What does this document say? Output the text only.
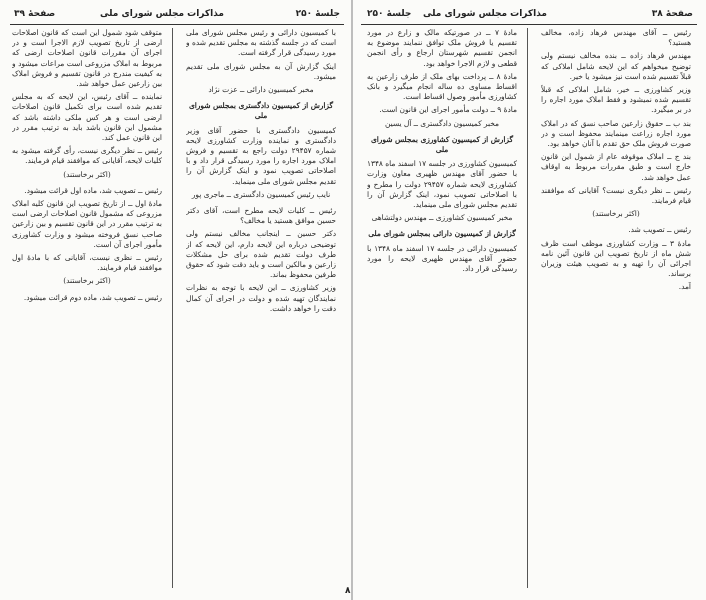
جلسهٔ ۲۵۰
مذاکرات مجلس شورای ملی
صفحهٔ ۳۹

متوقف شود شمول این است که قانون اصلاحات ارضی از تاریخ تصویب لازم الاجرا است و در اجرای آن مقررات قانون اصلاحات ارضی که مربوط به املاک مزروعی است مراعات میشود و به کیفیت مندرج در قانون تقسیم و فروش املاک بین زارعین عمل خواهد شد.

نماینده ــ آقای رئیس، این لایحه که به مجلس تقدیم شده است برای تکمیل قانون اصلاحات ارضی است و هر کس ملکی داشته باشد که مشمول این قانون باشد باید به ترتیب مقرر در این قانون عمل کند.

رئیس ــ نظر دیگری نیست، رأی گرفته میشود به کلیات لایحه، آقایانی که موافقند قیام فرمایند.

(اکثر برخاستند)

رئیس ــ تصویب شد، ماده اول قرائت میشود.

مادهٔ اول ــ از تاریخ تصویب این قانون کلیه املاک مزروعی که مشمول قانون اصلاحات ارضی است به ترتیب مقرر در این قانون تقسیم و بین زارعین صاحب نسق فروخته میشود و وزارت کشاورزی مأمور اجرای آن است.

رئیس ــ نظری نیست، آقایانی که با مادهٔ اول موافقند قیام فرمایند.

(اکثر برخاستند)

رئیس ــ تصویب شد، ماده دوم قرائت میشود.

با کمیسیون دارائی و رئیس مجلس شورای ملی است که در جلسه گذشته به مجلس تقدیم شده و مورد رسیدگی قرار گرفته است.

اینک گزارش آن به مجلس شورای ملی تقدیم میشود.

مخبر کمیسیون دارائی ــ عزت نژاد

گزارش از کمیسیون دادگستری بمجلس شورای ملی

کمیسیون دادگستری با حضور آقای وزیر دادگستری و نماینده وزارت کشاورزی لایحه شماره ۲۹۴۵۷ دولت راجع به تقسیم و فروش املاک مورد اجاره را مورد رسیدگی قرار داد و با اصلاحاتی تصویب نمود و اینک گزارش آن را تقدیم مجلس شورای ملی مینماید.

نایب رئیس کمیسیون دادگستری ــ ماجری پور

رئیس ــ کلیات لایحه مطرح است، آقای دکتر حسین موافق هستید یا مخالف؟

دکتر حسین ــ اینجانب مخالف نیستم ولی توضیحی درباره این لایحه دارم، این لایحه که از طرف دولت تقدیم شده برای حل مشکلات زارعین و مالکین است و باید دقت شود که حقوق طرفین محفوظ بماند.

وزیر کشاورزی ــ این لایحه با توجه به نظرات نمایندگان تهیه شده و دولت در اجرای آن کمال دقت را خواهد داشت.

صفحهٔ ۳۸
مذاکرات مجلس شورای ملی
جلسهٔ ۲۵۰

مادهٔ ۷ ــ در صورتیکه مالک و زارع در مورد تقسیم یا فروش ملک توافق ننمایند موضوع به انجمن تقسیم شهرستان ارجاع و رأی انجمن قطعی و لازم الاجرا خواهد بود.

مادهٔ ۸ ــ پرداخت بهای ملک از طرف زارعین به اقساط مساوی ده ساله انجام میگیرد و بانک کشاورزی مأمور وصول اقساط است.

مادهٔ ۹ ــ دولت مأمور اجرای این قانون است.

مخبر کمیسیون دادگستری ــ آل یسین

گزارش از کمیسیون کشاورزی بمجلس شورای ملی

کمیسیون کشاورزی در جلسه ۱۷ اسفند ماه ۱۳۴۸ با حضور آقای مهندس ظهیری معاون وزارت کشاورزی لایحه شماره ۲۹۴۵۷ دولت را مطرح و با اصلاحاتی تصویب نمود، اینک گزارش آن را تقدیم مجلس شورای ملی مینماید.

مخبر کمیسیون کشاورزی ــ مهندس دولتشاهی

گزارش از کمیسیون دارائی بمجلس شورای ملی

کمیسیون دارائی در جلسه ۱۷ اسفند ماه ۱۳۴۸ با حضور آقای مهندس ظهیری لایحه را مورد رسیدگی قرار داد.

رئیس ــ آقای مهندس فرهاد زاده، مخالف هستید؟

مهندس فرهاد زاده ــ بنده مخالف نیستم ولی توضیح میخواهم که این لایحه شامل املاکی که قبلاً تقسیم شده است نیز میشود یا خیر.

وزیر کشاورزی ــ خیر، شامل املاکی که قبلاً تقسیم شده نمیشود و فقط املاک مورد اجاره را در بر میگیرد.

بند ب ــ حقوق زارعین صاحب نسق که در املاک مورد اجاره زراعت مینمایند محفوظ است و در صورت فروش ملک حق تقدم با آنان خواهد بود.

بند ج ــ املاک موقوفه عام از شمول این قانون خارج است و طبق مقررات مربوط به اوقاف عمل خواهد شد.

رئیس ــ نظر دیگری نیست؟ آقایانی که موافقند قیام فرمایند.

(اکثر برخاستند)

رئیس ــ تصویب شد.

مادهٔ ۳ ــ وزارت کشاورزی موظف است ظرف شش ماه از تاریخ تصویب این قانون آئین نامه اجرائی آن را تهیه و به تصویب هیئت وزیران برساند.

آمد.

۸
